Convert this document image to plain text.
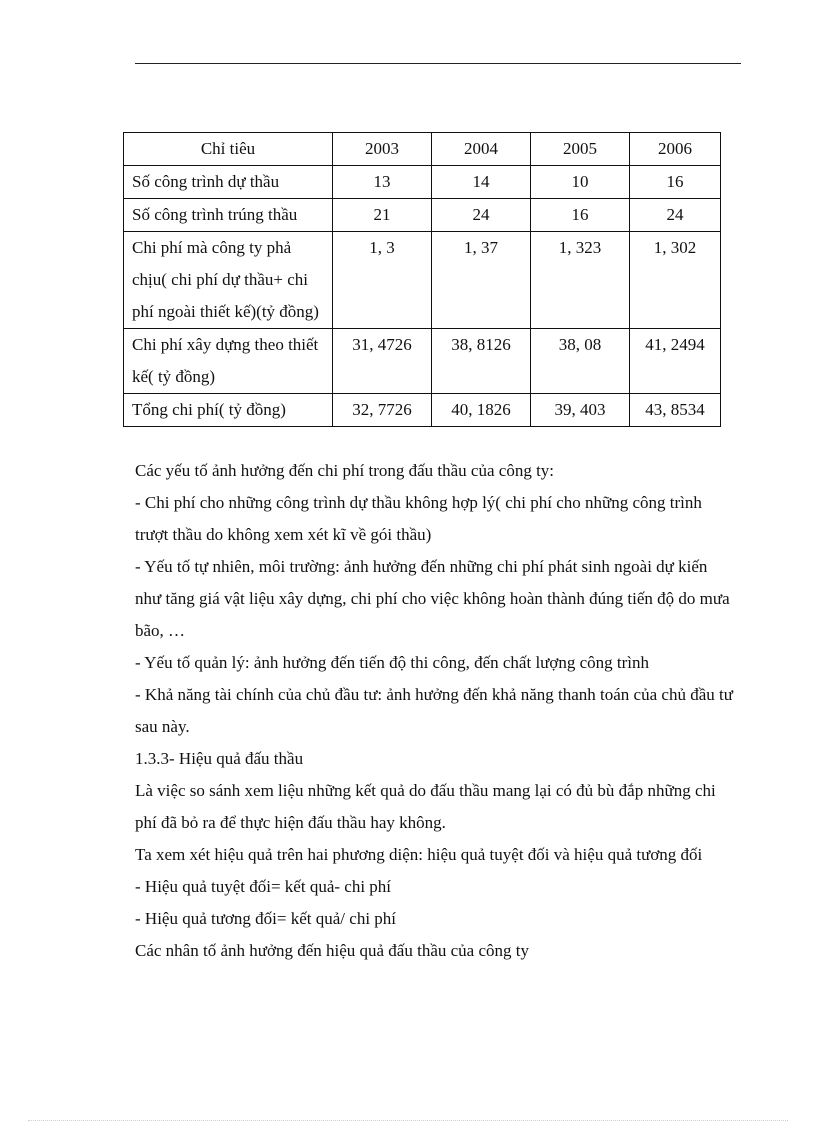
Chỉ tiêu	2003	2004	2005	2006
Số công trình dự thầu	13	14	10	16
Số công trình trúng thầu	21	24	16	24
Chi phí mà công ty phả chịu( chi phí dự thầu+ chi phí ngoài thiết kế)(tỷ đồng)	1, 3	1, 37	1, 323	1, 302
Chi phí xây dựng theo thiết kế( tỷ đồng)	31, 4726	38, 8126	38, 08	41, 2494
Tổng chi phí( tỷ đồng)	32, 7726	40, 1826	39, 403	43, 8534

Các yếu tố ảnh hưởng đến chi phí trong đấu thầu của công ty:

- Chi phí cho những công trình dự thầu không hợp lý( chi phí cho những công trình trượt thầu do không xem xét kĩ về gói thầu)

- Yếu tố tự nhiên, môi trường: ảnh hưởng đến những chi phí phát sinh ngoài dự kiến như tăng giá vật liệu xây dựng, chi phí cho việc không hoàn thành đúng tiến độ do mưa bão, …

- Yếu tố quản lý: ảnh hưởng đến tiến độ thi công, đến chất lượng công trình

- Khả năng tài chính của chủ đầu tư: ảnh hưởng đến khả năng thanh toán của chủ đầu tư sau này.

1.3.3- Hiệu quả đấu thầu

Là việc so sánh xem liệu những kết quả do đấu thầu mang lại có đủ bù đắp những chi phí đã bỏ ra để thực hiện đấu thầu hay không.

Ta xem xét hiệu quả trên hai phương diện: hiệu quả tuyệt đối và hiệu quả tương đối

- Hiệu quả tuyệt đối= kết quả- chi phí

- Hiệu quả tương đối= kết quả/ chi phí

Các nhân tố ảnh hưởng đến hiệu quả đấu thầu của công ty
